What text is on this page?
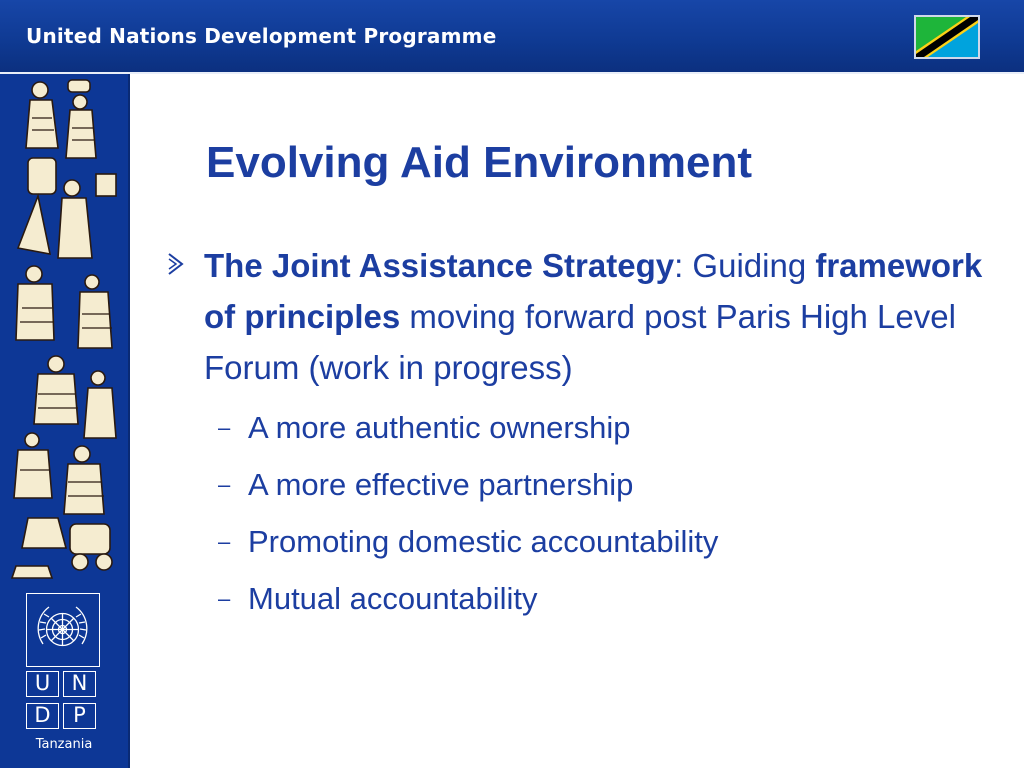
United Nations Development Programme
U	N
D	P
Tanzania
Evolving Aid Environment
The Joint Assistance Strategy: Guiding framework of principles moving forward post Paris High Level Forum (work in progress)
– A more authentic ownership
– A more effective partnership
– Promoting domestic accountability
– Mutual accountability
